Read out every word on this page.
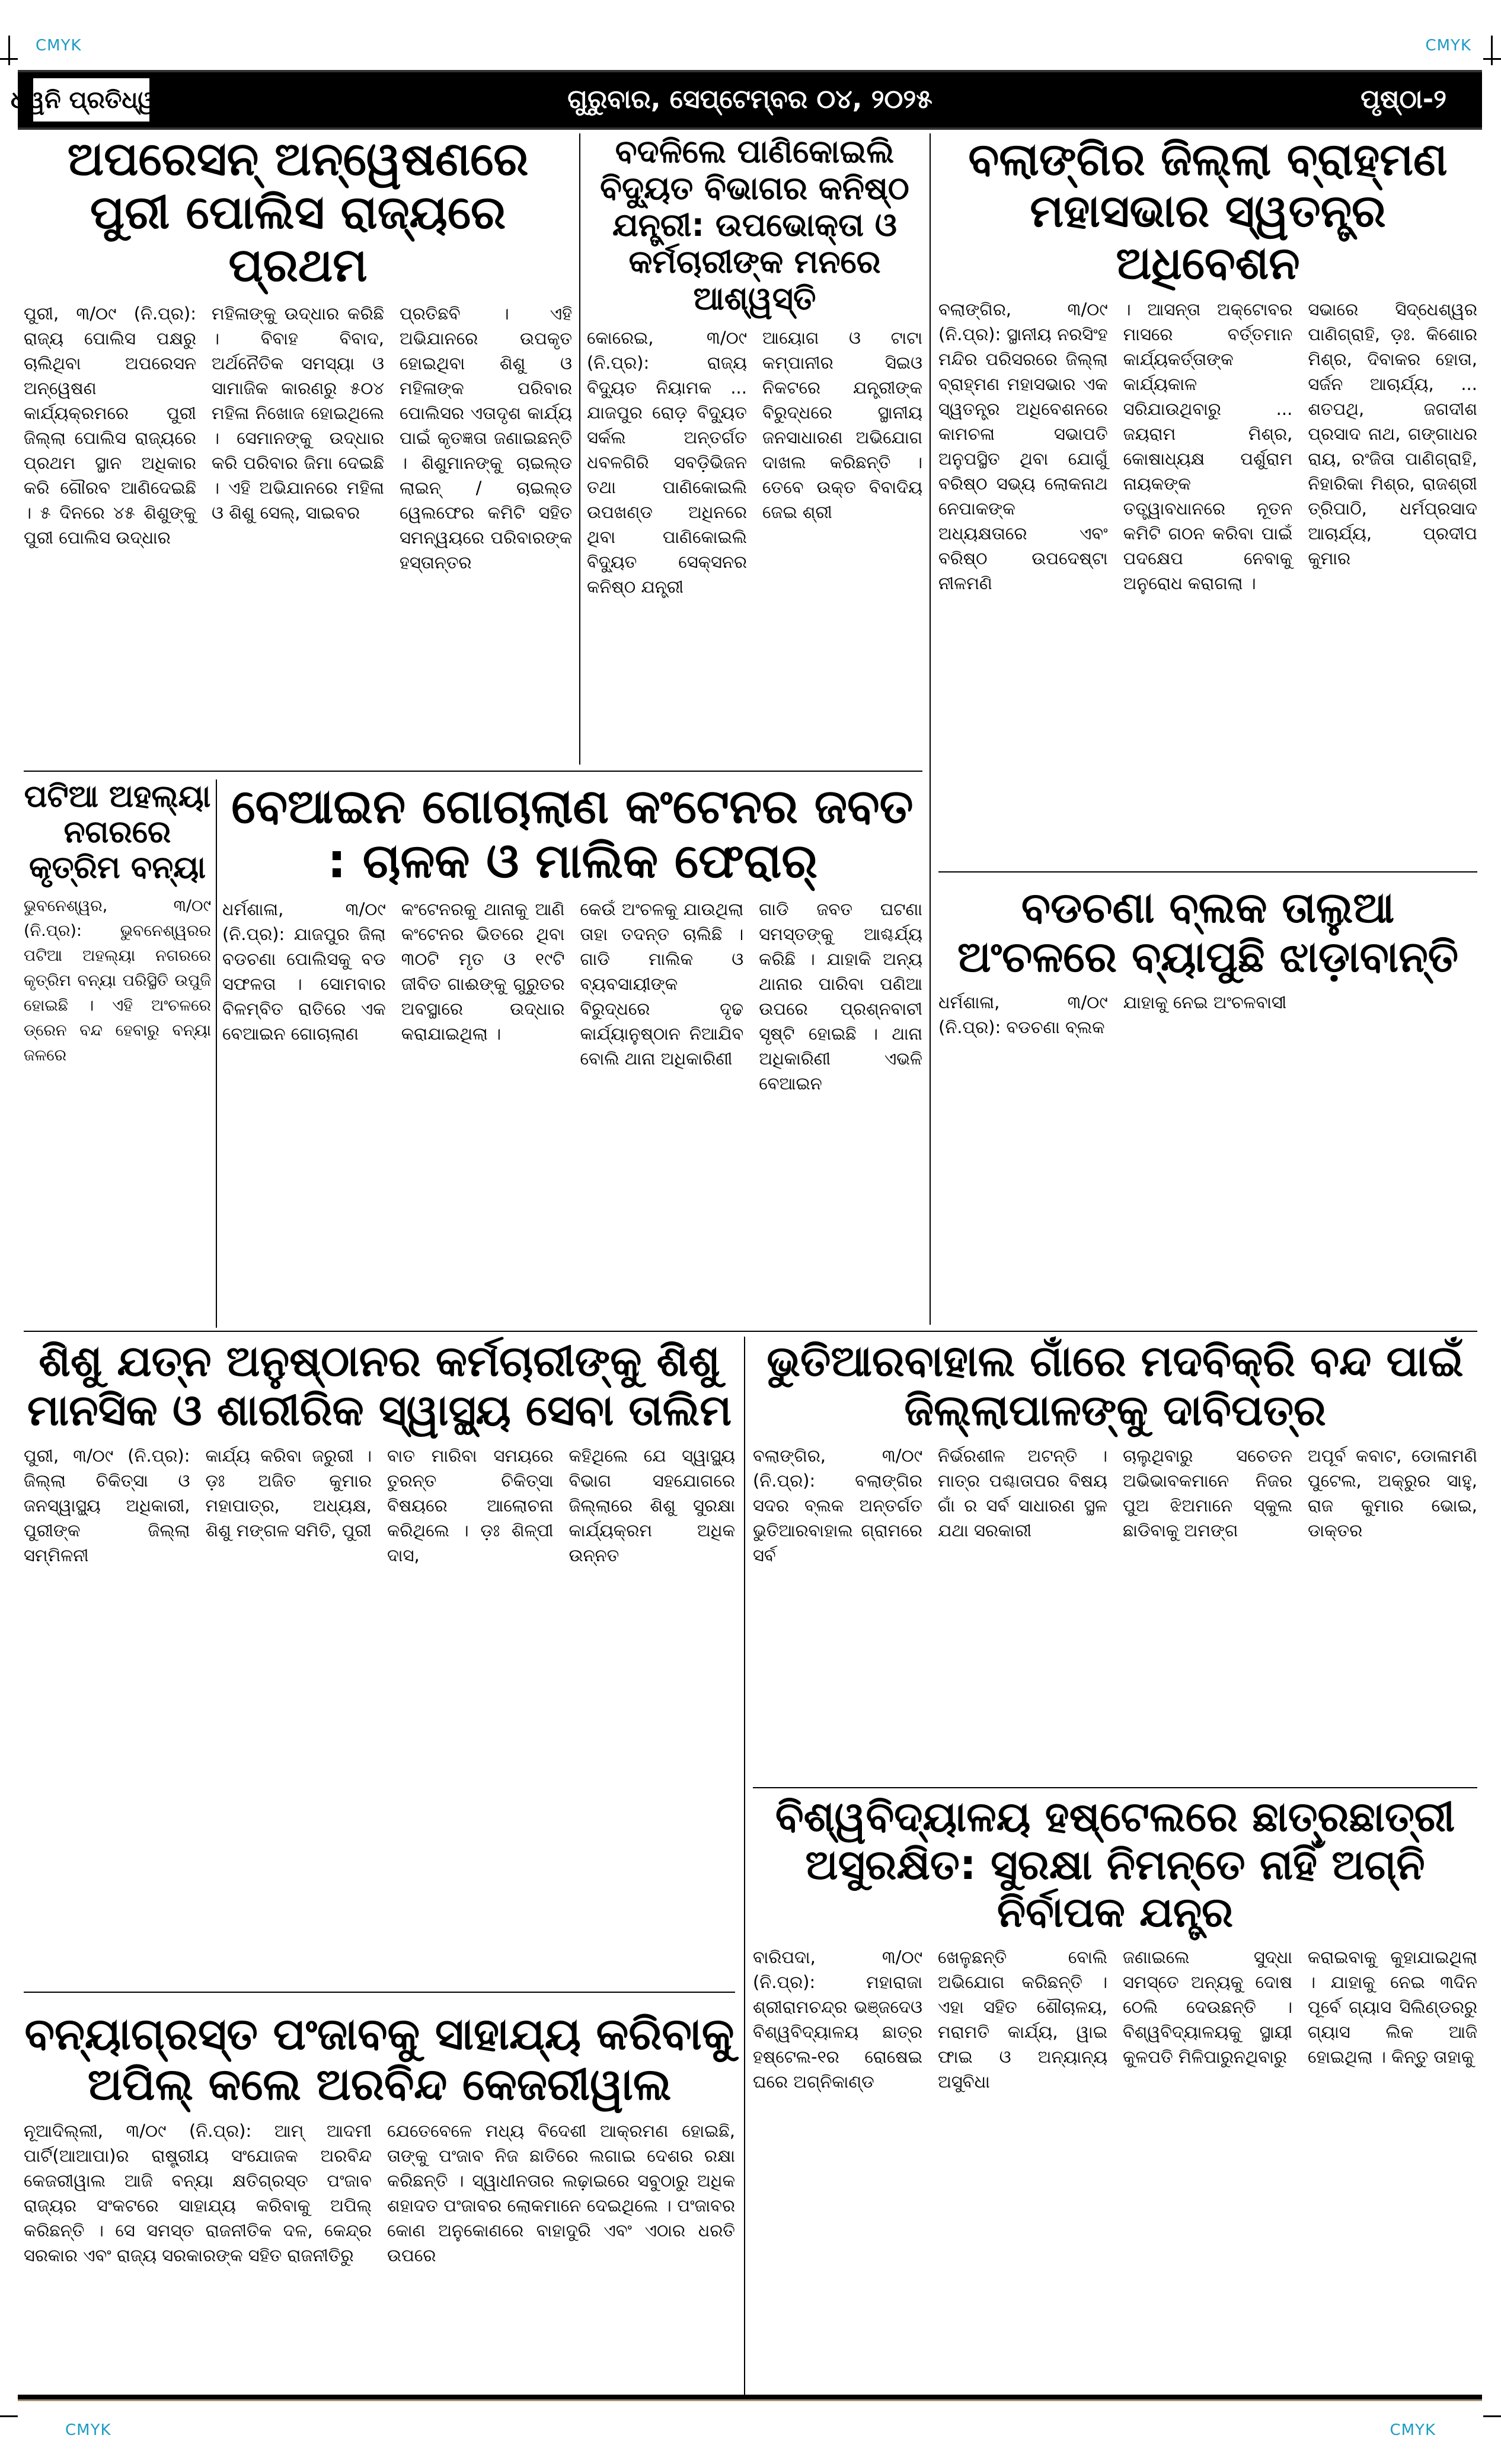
CMYK	CMYK
CMYK	CMYK
ଧ୍ୱନି ପ୍ରତିଧ୍ୱନି	ଗୁରୁବାର, ସେପ୍ଟେମ୍ବର ୦୪, ୨୦୨୫	ପୃଷ୍ଠା-୨
ଅପରେସନ୍ ଅନ୍ୱେଷଣରେ ପୁରୀ ପୋଲିସ ରାଜ୍ୟରେ ପ୍ରଥମ

ପୁରୀ, ୩/୦୯ (ନି.ପ୍ର): ରାଜ୍ୟ ପୋଲିସ ପକ୍ଷରୁ ଚାଲିଥିବା ଅପରେସନ ଅନ୍ୱେଷଣ କାର୍ଯ୍ୟକ୍ରମରେ ପୁରୀ ଜିଲ୍ଲା ପୋଲିସ ରାଜ୍ୟରେ ପ୍ରଥମ ସ୍ଥାନ ଅଧିକାର କରି ଗୌରବ ଆଣିଦେଇଛି । ୫ ଦିନରେ ୪୫ ଶିଶୁଙ୍କୁ ପୁରୀ ପୋଲିସ ଉଦ୍ଧାର

ମହିଳାଙ୍କୁ ଉଦ୍ଧାର କରିଛି । ବିବାହ ବିବାଦ, ଅର୍ଥନୈତିକ ସମସ୍ୟା ଓ ସାମାଜିକ କାରଣରୁ ୫୦୪ ମହିଳା ନିଖୋଜ ହୋଇଥିଲେ । ସେମାନଙ୍କୁ ଉଦ୍ଧାର କରି ପରିବାର ଜିମା ଦେଇଛି । ଏହି ଅଭିଯାନରେ ମହିଳା ଓ ଶିଶୁ ସେଲ୍, ସାଇବର

ପ୍ରତିଛବି । ଏହି ଅଭିଯାନରେ ଉପକୃତ ହୋଇଥିବା ଶିଶୁ ଓ ମହିଳାଙ୍କ ପରିବାର ପୋଲିସର ଏତାଦୃଶ କାର୍ଯ୍ୟ ପାଇଁ କୃତଜ୍ଞତା ଜଣାଇଛନ୍ତି । ଶିଶୁମାନଙ୍କୁ ଚାଇଲ୍ଡ ଲାଇନ୍ / ଚାଇଲ୍ଡ ୱେଲଫେର କମିଟି ସହିତ ସମନ୍ୱୟରେ ପରିବାରଙ୍କ ହସ୍ତାନ୍ତର

ବଦଳିଲେ ପାଣିକୋଇଲି ବିଦ୍ୟୁତ ବିଭାଗର କନିଷ୍ଠ ଯନ୍ତ୍ରୀ: ଉପଭୋକ୍ତା ଓ କର୍ମଚାରୀଙ୍କ ମନରେ ଆଶ୍ୱସ୍ତି

କୋରେଇ, ୩/୦୯ (ନି.ପ୍ର): ରାଜ୍ୟ ବିଦ୍ୟୁତ ନିୟାମକ ... ଯାଜପୁର ରୋଡ଼ ବିଦ୍ୟୁତ ସର୍କଲ ଅନ୍ତର୍ଗତ ଧବଳଗିରି ସବଡ଼ିଭିଜନ ତଥା ପାଣିକୋଇଲି ଉପଖଣ୍ଡ ଅଧିନରେ ଥିବା ପାଣିକୋଇଲି ବିଦ୍ୟୁତ ସେକ୍ସନର କନିଷ୍ଠ ଯନ୍ତ୍ରୀ

ଆୟୋଗ ଓ ଟାଟା କମ୍ପାନୀର ସିଇଓ ନିକଟରେ ଯନ୍ତ୍ରୀଙ୍କ ବିରୁଦ୍ଧରେ ସ୍ଥାନୀୟ ଜନସାଧାରଣ ଅଭିଯୋଗ ଦାଖଲ କରିଛନ୍ତି । ତେବେ ଉକ୍ତ ବିବାଦିୟ ଜେଇ ଶ୍ରୀ

ବଲାଙ୍ଗିର ଜିଲ୍ଲା ବ୍ରାହ୍ମଣ ମହାସଭାର ସ୍ୱତନ୍ତ୍ର ଅଧିବେଶନ

ବଲାଙ୍ଗିର, ୩/୦୯ (ନି.ପ୍ର): ସ୍ଥାନୀୟ ନରସିଂହ ମନ୍ଦିର ପରିସରରେ ଜିଲ୍ଲା ବ୍ରାହ୍ମଣ ମହାସଭାର ଏକ ସ୍ୱତନ୍ତ୍ର ଅଧିବେଶନରେ କାମଚଳା ସଭାପତି ଅନୁପସ୍ଥିତ ଥିବା ଯୋଗୁଁ ବରିଷ୍ଠ ସଭ୍ୟ ଲୋକନାଥ ନେପାକଙ୍କ ଅଧ୍ୟକ୍ଷତାରେ ଏବଂ ବରିଷ୍ଠ ଉପଦେଷ୍ଟା ନୀଳମଣି

। ଆସନ୍ତା ଅକ୍ଟୋବର ମାସରେ ବର୍ତ୍ତମାନ କାର୍ଯ୍ୟକର୍ତ୍ତାଙ୍କ କାର୍ଯ୍ୟକାଳ ସରିଯାଉଥିବାରୁ ... ଜୟରାମ ମିଶ୍ର, କୋଷାଧ୍ୟକ୍ଷ ପର୍ଶୁରାମ ନାୟକଙ୍କ ତତ୍ତ୍ୱାବଧାନରେ ନୂତନ କମିଟି ଗଠନ କରିବା ପାଇଁ ପଦକ୍ଷେପ ନେବାକୁ ଅନୁରୋଧ କରାଗଲା ।

ସଭାରେ ସିଦ୍ଧେଶ୍ୱର ପାଣିଗ୍ରାହି, ଡ଼ଃ. କିଶୋର ମିଶ୍ର, ଦିବାକର ହୋତା, ସର୍ଜନ ଆଚାର୍ଯ୍ୟ, ... ଶତପଥି, ଜଗଦୀଶ ପ୍ରସାଦ ନାଥ, ଗଙ୍ଗାଧର ରାୟ, ରଂଜିତା ପାଣିଗ୍ରାହି, ନିହାରିକା ମିଶ୍ର, ରାଜଶ୍ରୀ ତ୍ରିପାଠି, ଧର୍ମପ୍ରସାଦ ଆଚାର୍ଯ୍ୟ, ପ୍ରଦୀପ କୁମାର

ପଟିଆ ଅହଲ୍ୟା ନଗରରେ କୃତ୍ରିମ ବନ୍ୟା

ଭୁବନେଶ୍ୱର, ୩/୦୯ (ନି.ପ୍ର): ଭୁବନେଶ୍ୱରର ପଟିଆ ଅହଲ୍ୟା ନଗରରେ କୃତ୍ରିମ ବନ୍ୟା ପରିସ୍ଥିତି ଉପୁଜି ହୋଇଛି । ଏହି ଅଂଚଳରେ ଡ୍ରେନ ବନ୍ଦ ହେବାରୁ ବନ୍ୟା ଜଳରେ

ବେଆଇନ ଗୋଚାଲାଣ କଂଟେନର ଜବତ : ଚାଳକ ଓ ମାଲିକ ଫେରାର୍

ଧର୍ମଶାଳା, ୩/୦୯ (ନି.ପ୍ର): ଯାଜପୁର ଜିଲା ବଡଚଣା ପୋଲିସକୁ ବଡ ସଫଳତା । ସୋମବାର ବିଳମ୍ବିତ ରାତିରେ ଏକ ବେଆଇନ ଗୋଚାଲାଣ

କଂଟେନରକୁ ଥାନାକୁ ଆଣି କଂଟେନର ଭିତରେ ଥିବା ୩୦ଟି ମୃତ ଓ ୧୯ଟି ଜୀବିତ ଗାଈଙ୍କୁ ଗୁରୁତର ଅବସ୍ଥାରେ ଉଦ୍ଧାର କରାଯାଇଥିଲା ।

କେଉଁ ଅଂଚଳକୁ ଯାଉଥିଲା ତାହା ତଦନ୍ତ ଚାଲିଛି । ଗାଡି ମାଲିକ ଓ ବ୍ୟବସାୟୀଙ୍କ ବିରୁଦ୍ଧରେ ଦୃଢ କାର୍ଯ୍ୟାନୁଷ୍ଠାନ ନିଆଯିବ ବୋଲି ଥାନା ଅଧିକାରିଣୀ

ଗାଡି ଜବତ ଘଟଣା ସମସ୍ତଙ୍କୁ ଆଶ୍ଚର୍ଯ୍ୟ କରିଛି । ଯାହାକି ଅନ୍ୟ ଥାନାର ପାରିବା ପଣିଆ ଉପରେ ପ୍ରଶ୍ନବାଚୀ ସୃଷ୍ଟି ହୋଇଛି । ଥାନା ଅଧିକାରିଣୀ ଏଭଳି ବେଆଇନ

ବଡଚଣା ବ୍ଲକ ତାଲୁଆ ଅଂଚଳରେ ବ୍ୟାପୁଛି ଝାଡ଼ାବାନ୍ତି

ଧର୍ମଶାଳା, ୩/୦୯ (ନି.ପ୍ର): ବଡଚଣା ବ୍ଲକ

ଯାହାକୁ ନେଇ ଅଂଚଳବାସୀ

ଶିଶୁ ଯତ୍ନ ଅନୁଷ୍ଠାନର କର୍ମଚାରୀଙ୍କୁ ଶିଶୁ ମାନସିକ ଓ ଶାରୀରିକ ସ୍ୱାସ୍ଥ୍ୟ ସେବା ତାଲିମ

ପୁରୀ, ୩/୦୯ (ନି.ପ୍ର): ଜିଲ୍ଲା ଚିକିତ୍ସା ଓ ଜନସ୍ୱାସ୍ଥ୍ୟ ଅଧିକାରୀ, ପୁରୀଙ୍କ ଜିଲ୍ଲା ସମ୍ମିଳନୀ

କାର୍ଯ୍ୟ କରିବା ଜରୁରୀ । ଡ଼ଃ ଅଜିତ କୁମାର ମହାପାତ୍ର, ଅଧ୍ୟକ୍ଷ, ଶିଶୁ ମଙ୍ଗଳ ସମିତି, ପୁରୀ

ବାତ ମାରିବା ସମୟରେ ତୁରନ୍ତ ଚିକିତ୍ସା ବିଷୟରେ ଆଲୋଚନା କରିଥିଲେ । ଡ଼ଃ ଶିଳ୍ପୀ ଦାସ,

କହିଥିଲେ ଯେ ସ୍ୱାସ୍ଥ୍ୟ ବିଭାଗ ସହଯୋଗରେ ଜିଲ୍ଲାରେ ଶିଶୁ ସୁରକ୍ଷା କାର୍ଯ୍ୟକ୍ରମ ଅଧିକ ଉନ୍ନତ

ଭୁତିଆରବାହାଲ ଗାଁରେ ମଦବିକ୍ରି ବନ୍ଦ ପାଇଁ ଜିଲ୍ଲାପାଳଙ୍କୁ ଦାବିପତ୍ର

ବଲାଙ୍ଗିର, ୩/୦୯ (ନି.ପ୍ର): ବଲାଙ୍ଗିର ସଦର ବ୍ଲକ ଅନ୍ତର୍ଗତ ଭୁତିଆରବାହାଲ ଗ୍ରାମରେ ସର୍ବ

ନିର୍ଭରଶୀଳ ଅଟନ୍ତି । ମାତ୍ର ପଶ୍ଚାତାପର ବିଷୟ ଗାଁ ର ସର୍ବ ସାଧାରଣ ସ୍ଥଳ ଯଥା ସରକାରୀ

ଚାଲୁଥିବାରୁ ସଚେତନ ଅଭିଭାବକମାନେ ନିଜର ପୁଅ ଝିଅମାନେ ସ୍କୁଲ ଛାଡିବାକୁ ଅମଙ୍ଗ

ଅପୂର୍ବ କବାଟ, ଡୋଳାମଣି ପୁଟେଲ, ଅକ୍ରୁର ସାହୁ, ରାଜ କୁମାର ଭୋଇ, ଡାକ୍ତର

ବିଶ୍ୱବିଦ୍ୟାଳୟ ହଷ୍ଟେଲରେ ଛାତ୍ରଛାତ୍ରୀ ଅସୁରକ୍ଷିତ: ସୁରକ୍ଷା ନିମନ୍ତେ ନାହିଁ ଅଗ୍ନି ନିର୍ବାପକ ଯନ୍ତ୍ର

ବାରିପଦା, ୩/୦୯ (ନି.ପ୍ର): ମହାରାଜା ଶ୍ରୀରାମଚନ୍ଦ୍ର ଭଞ୍ଜଦେଓ ବିଶ୍ୱବିଦ୍ୟାଳୟ ଛାତ୍ର ହଷ୍ଟେଲ-୧ର ରୋଷେଇ ଘରେ ଅଗ୍ନିକାଣ୍ଡ

ଖେଳୁଛନ୍ତି ବୋଲି ଅଭିଯୋଗ କରିଛନ୍ତି । ଏହା ସହିତ ଶୌଚାଳୟ, ମରାମତି କାର୍ଯ୍ୟ, ୱାଇ ଫାଇ ଓ ଅନ୍ୟାନ୍ୟ ଅସୁବିଧା

ଜଣାଇଲେ ସୁଦ୍ଧା ସମସ୍ତେ ଅନ୍ୟକୁ ଦୋଷ ଠେଲି ଦେଉଛନ୍ତି । ବିଶ୍ୱବିଦ୍ୟାଳୟକୁ ସ୍ଥାୟୀ କୁଳପତି ମିଳିପାରୁନଥିବାରୁ

କରାଇବାକୁ କୁହାଯାଇଥିଲା । ଯାହାକୁ ନେଇ ୩ଦିନ ପୂର୍ବେ ଗ୍ୟାସ ସିଲିଣ୍ଡରରୁ ଗ୍ୟାସ ଲିକ ଆଜି ହୋଇଥିଲା । କିନ୍ତୁ ତାହାକୁ

ବନ୍ୟାଗ୍ରସ୍ତ ପଂଜାବକୁ ସାହାଯ୍ୟ କରିବାକୁ ଅପିଲ୍ କଲେ ଅରବିନ୍ଦ କେଜରୀୱାଲ

ନୂଆଦିଲ୍ଲୀ, ୩/୦୯ (ନି.ପ୍ର): ଆମ୍ ଆଦମୀ ପାର୍ଟି(ଆଆପା)ର ରାଷ୍ଟ୍ରୀୟ ସଂଯୋଜକ ଅରବିନ୍ଦ କେଜରୀୱାଲ ଆଜି ବନ୍ୟା କ୍ଷତିଗ୍ରସ୍ତ ପଂଜାବ ରାଜ୍ୟର ସଂକଟରେ ସାହାଯ୍ୟ କରିବାକୁ ଅପିଲ୍ କରିଛନ୍ତି । ସେ ସମସ୍ତ ରାଜନୀତିକ ଦଳ, କେନ୍ଦ୍ର ସରକାର ଏବଂ ରାଜ୍ୟ ସରକାରଙ୍କ ସହିତ ରାଜନୀତିରୁ

ଯେତେବେଳେ ମଧ୍ୟ ବିଦେଶୀ ଆକ୍ରମଣ ହୋଇଛି, ତାଙ୍କୁ ପଂଜାବ ନିଜ ଛାତିରେ ଲଗାଇ ଦେଶର ରକ୍ଷା କରିଛନ୍ତି । ସ୍ୱାଧୀନତାର ଲଢ଼ାଇରେ ସବୁଠାରୁ ଅଧିକ ଶହାଦତ ପଂଜାବର ଲୋକମାନେ ଦେଇଥିଲେ । ପଂଜାବର କୋଣ ଅନୁକୋଣରେ ବାହାଦୁରି ଏବଂ ଏଠାର ଧରତି ଉପରେ
